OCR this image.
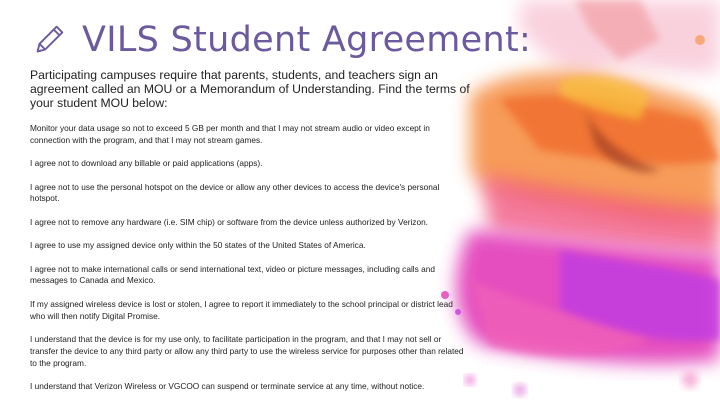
VILS Student Agreement:
Participating campuses require that parents, students, and teachers sign an agreement called an MOU or a Memorandum of Understanding. Find the terms of your student MOU below:
Monitor your data usage so not to exceed 5 GB per month and that I may not stream audio or video except in connection with the program, and that I may not stream games.
I agree not to download any billable or paid applications (apps).
I agree not to use the personal hotspot on the device or allow any other devices to access the device's personal hotspot.
I agree not to remove any hardware (i.e. SIM chip) or software from the device unless authorized by Verizon.
I agree to use my assigned device only within the 50 states of the United States of America.
I agree not to make international calls or send international text, video or picture messages, including calls and messages to Canada and Mexico.
If my assigned wireless device is lost or stolen, I agree to report it immediately to the school principal or district lead who will then notify Digital Promise.
I understand that the device is for my use only, to facilitate participation in the program, and that I may not sell or transfer the device to any third party or allow any third party to use the wireless service for purposes other than related to the program.
I understand that Verizon Wireless or VGCOO can suspend or terminate service at any time, without notice.
